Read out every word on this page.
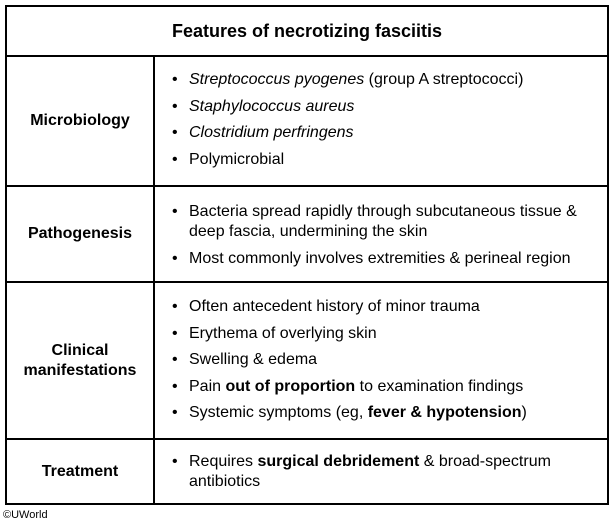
Features of necrotizing fasciitis
Microbiology
• Streptococcus pyogenes (group A streptococci)
• Staphylococcus aureus
• Clostridium perfringens
• Polymicrobial
Pathogenesis
• Bacteria spread rapidly through subcutaneous tissue & deep fascia, undermining the skin
• Most commonly involves extremities & perineal region
Clinical
manifestations
• Often antecedent history of minor trauma
• Erythema of overlying skin
• Swelling & edema
• Pain out of proportion to examination findings
• Systemic symptoms (eg, fever & hypotension)
Treatment
• Requires surgical debridement & broad-spectrum antibiotics
©UWorld
